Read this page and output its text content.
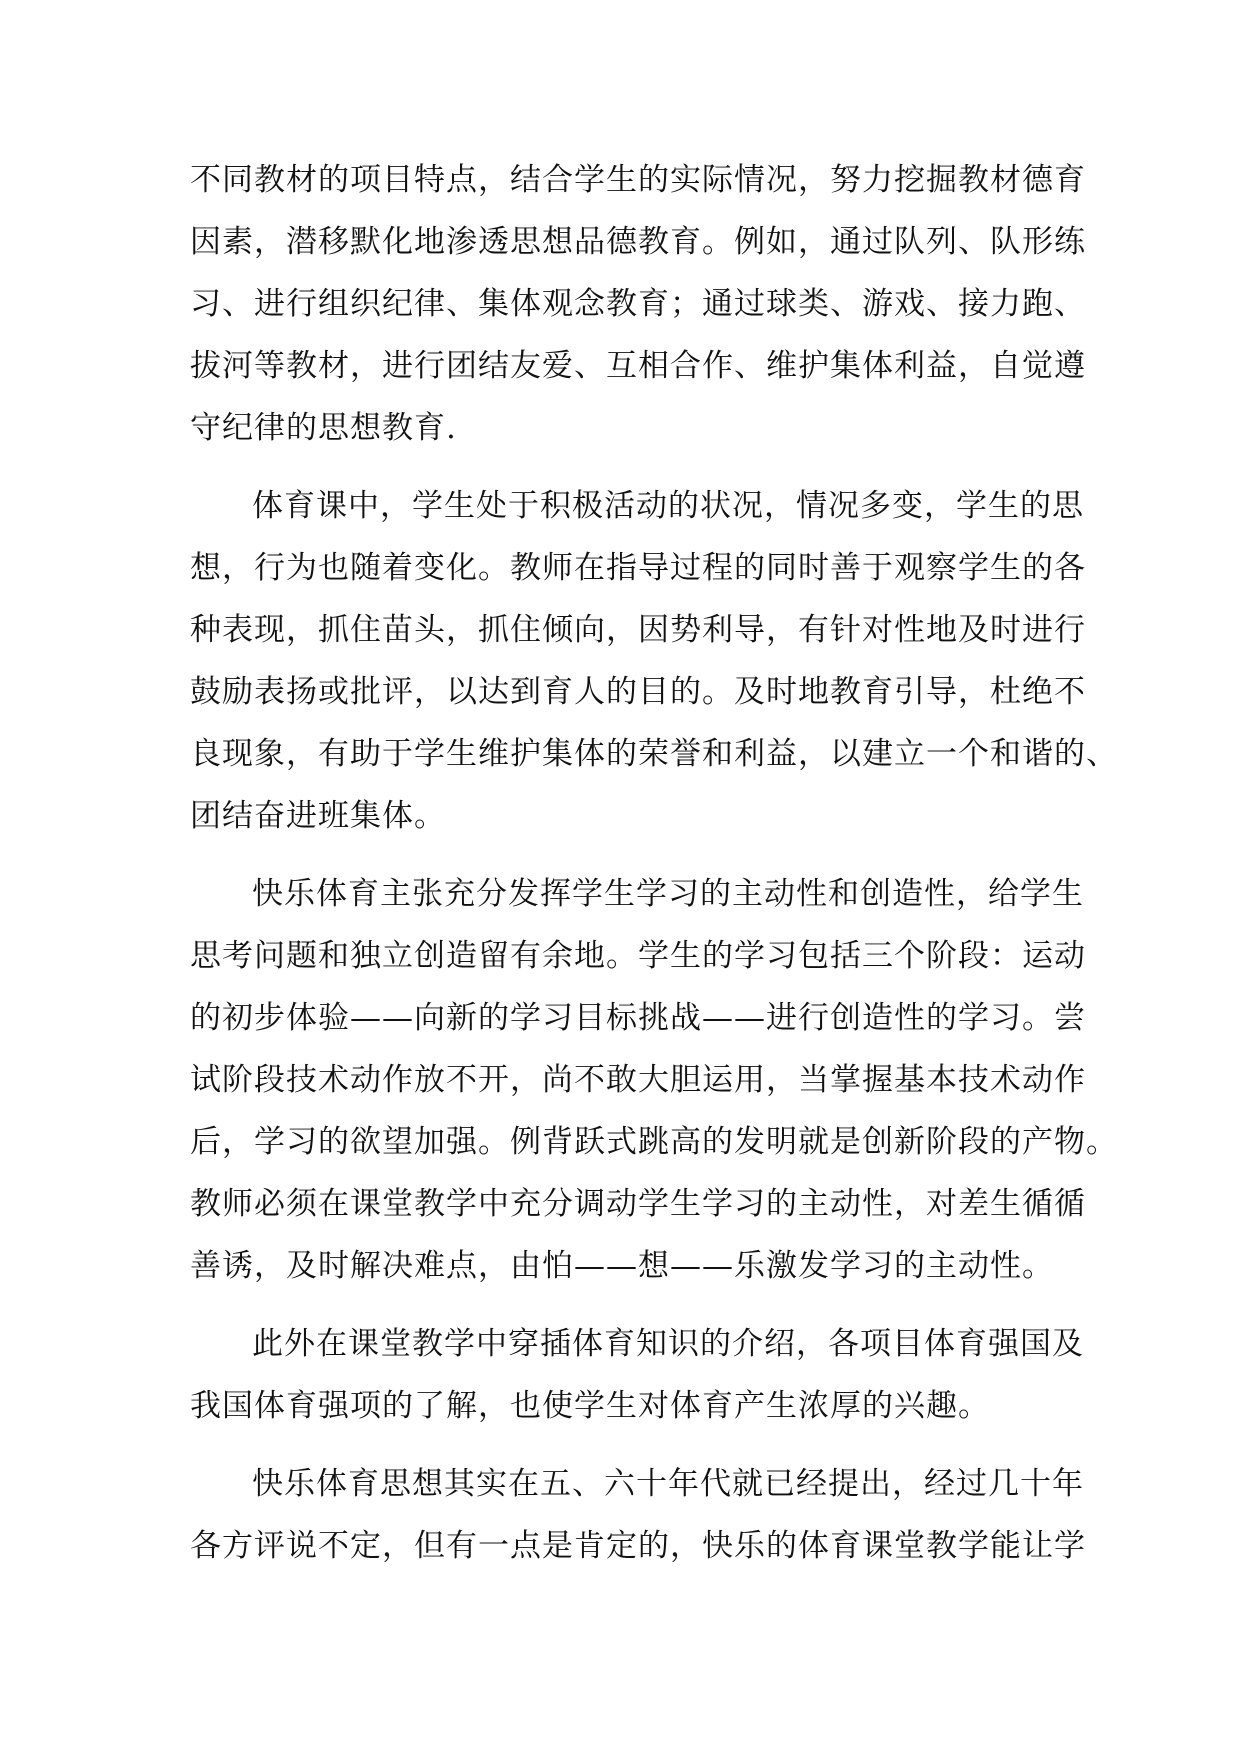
不同教材的项目特点，结合学生的实际情况，努力挖掘教材德育
因素，潜移默化地渗透思想品德教育。例如，通过队列、队形练
习、进行组织纪律、集体观念教育；通过球类、游戏、接力跑、
拔河等教材，进行团结友爱、互相合作、维护集体利益，自觉遵
守纪律的思想教育.
体育课中，学生处于积极活动的状况，情况多变，学生的思
想，行为也随着变化。教师在指导过程的同时善于观察学生的各
种表现，抓住苗头，抓住倾向，因势利导，有针对性地及时进行
鼓励表扬或批评，以达到育人的目的。及时地教育引导，杜绝不
良现象，有助于学生维护集体的荣誉和利益，以建立一个和谐的、
团结奋进班集体。
快乐体育主张充分发挥学生学习的主动性和创造性，给学生
思考问题和独立创造留有余地。学生的学习包括三个阶段：运动
的初步体验——向新的学习目标挑战——进行创造性的学习。尝
试阶段技术动作放不开，尚不敢大胆运用，当掌握基本技术动作
后，学习的欲望加强。例背跃式跳高的发明就是创新阶段的产物。
教师必须在课堂教学中充分调动学生学习的主动性，对差生循循
善诱，及时解决难点，由怕——想——乐激发学习的主动性。
此外在课堂教学中穿插体育知识的介绍，各项目体育强国及
我国体育强项的了解，也使学生对体育产生浓厚的兴趣。
快乐体育思想其实在五、六十年代就已经提出，经过几十年
各方评说不定，但有一点是肯定的，快乐的体育课堂教学能让学
